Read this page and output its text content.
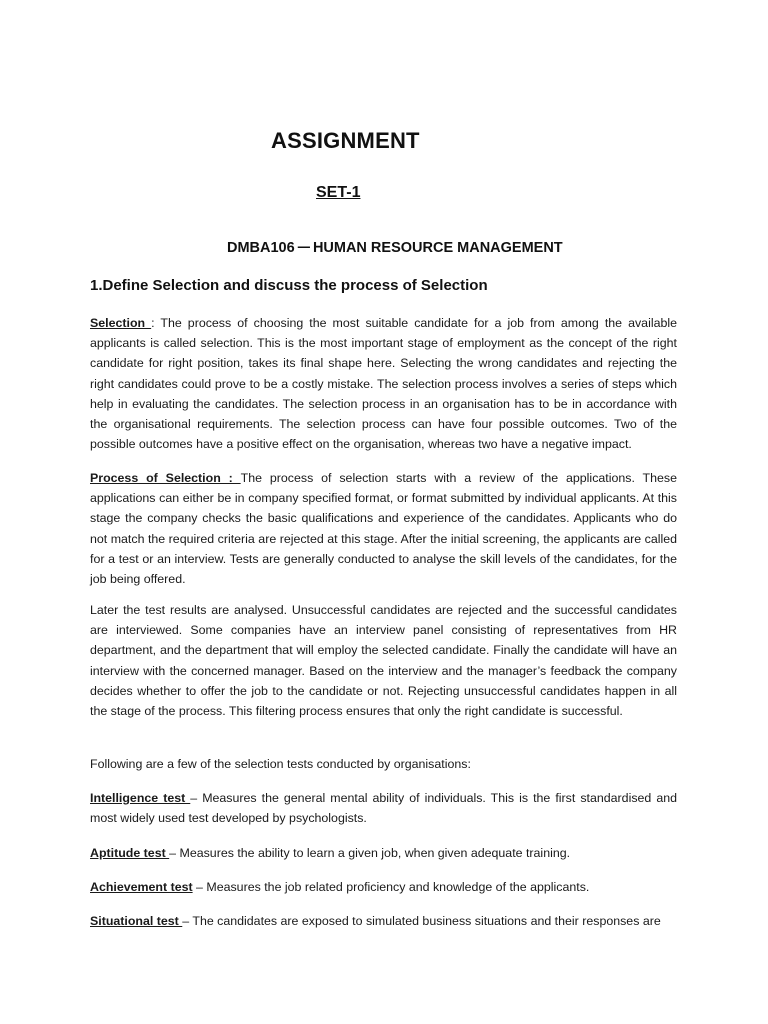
ASSIGNMENT
SET-1
DMBA106 – HUMAN RESOURCE MANAGEMENT
1.Define Selection and discuss the process of Selection

Selection : The process of choosing the most suitable candidate for a job from among the available applicants is called selection. This is the most important stage of employment as the concept of the right candidate for right position, takes its final shape here. Selecting the wrong candidates and rejecting the right candidates could prove to be a costly mistake. The selection process involves a series of steps which help in evaluating the candidates. The selection process in an organisation has to be in accordance with the organisational requirements. The selection process can have four possible outcomes. Two of the possible outcomes have a positive effect on the organisation, whereas two have a negative impact.

Process of Selection : The process of selection starts with a review of the applications. These applications can either be in company specified format, or format submitted by individual applicants. At this stage the company checks the basic qualifications and experience of the candidates. Applicants who do not match the required criteria are rejected at this stage. After the initial screening, the applicants are called for a test or an interview. Tests are generally conducted to analyse the skill levels of the candidates, for the job being offered.

Later the test results are analysed. Unsuccessful candidates are rejected and the successful candidates are interviewed. Some companies have an interview panel consisting of representatives from HR department, and the department that will employ the selected candidate. Finally the candidate will have an interview with the concerned manager. Based on the interview and the manager’s feedback the company decides whether to offer the job to the candidate or not. Rejecting unsuccessful candidates happen in all the stage of the process. This filtering process ensures that only the right candidate is successful.

Following are a few of the selection tests conducted by organisations:

Intelligence test – Measures the general mental ability of individuals. This is the first standardised and most widely used test developed by psychologists.

Aptitude test – Measures the ability to learn a given job, when given adequate training.

Achievement test – Measures the job related proficiency and knowledge of the applicants.

Situational test – The candidates are exposed to simulated business situations and their responses are
